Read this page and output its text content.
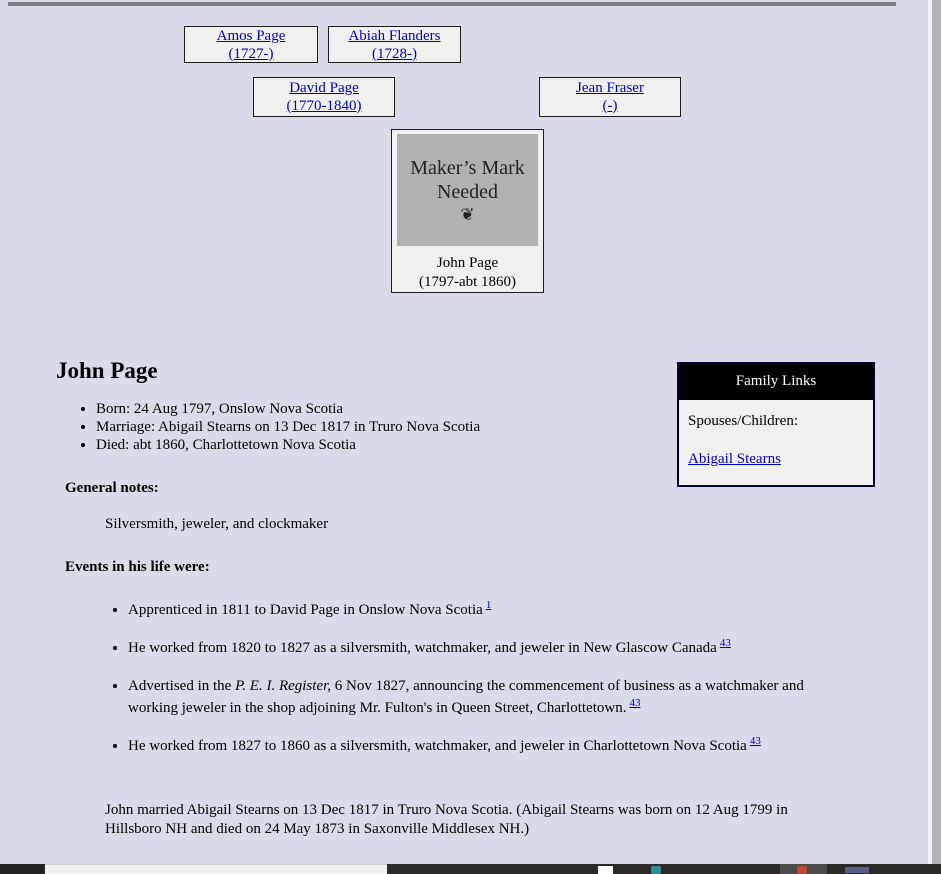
Amos Page
(1727-)
Abiah Flanders
(1728-)
David Page
(1770-1840)
Jean Fraser
(-)
Maker’s Mark Needed
❦
John Page
(1797-abt 1860)
Family Links
Spouses/Children:
Abigail Stearns
John Page
• Born: 24 Aug 1797, Onslow Nova Scotia
• Marriage: Abigail Stearns on 13 Dec 1817 in Truro Nova Scotia
• Died: abt 1860, Charlottetown Nova Scotia
General notes:
Silversmith, jeweler, and clockmaker
Events in his life were:
• Apprenticed in 1811 to David Page in Onslow Nova Scotia $^1$
• He worked from 1820 to 1827 as a silversmith, watchmaker, and jeweler in New Glascow Canada $^{43}$
• Advertised in the P. E. I. Register, 6 Nov 1827, announcing the commencement of business as a watchmaker and working jeweler in the shop adjoining Mr. Fulton's in Queen Street, Charlottetown. $^{43}$
• He worked from 1827 to 1860 as a silversmith, watchmaker, and jeweler in Charlottetown Nova Scotia $^{43}$
John married Abigail Stearns on 13 Dec 1817 in Truro Nova Scotia. (Abigail Stearns was born on 12 Aug 1799 in Hillsboro NH and died on 24 May 1873 in Saxonville Middlesex NH.)
